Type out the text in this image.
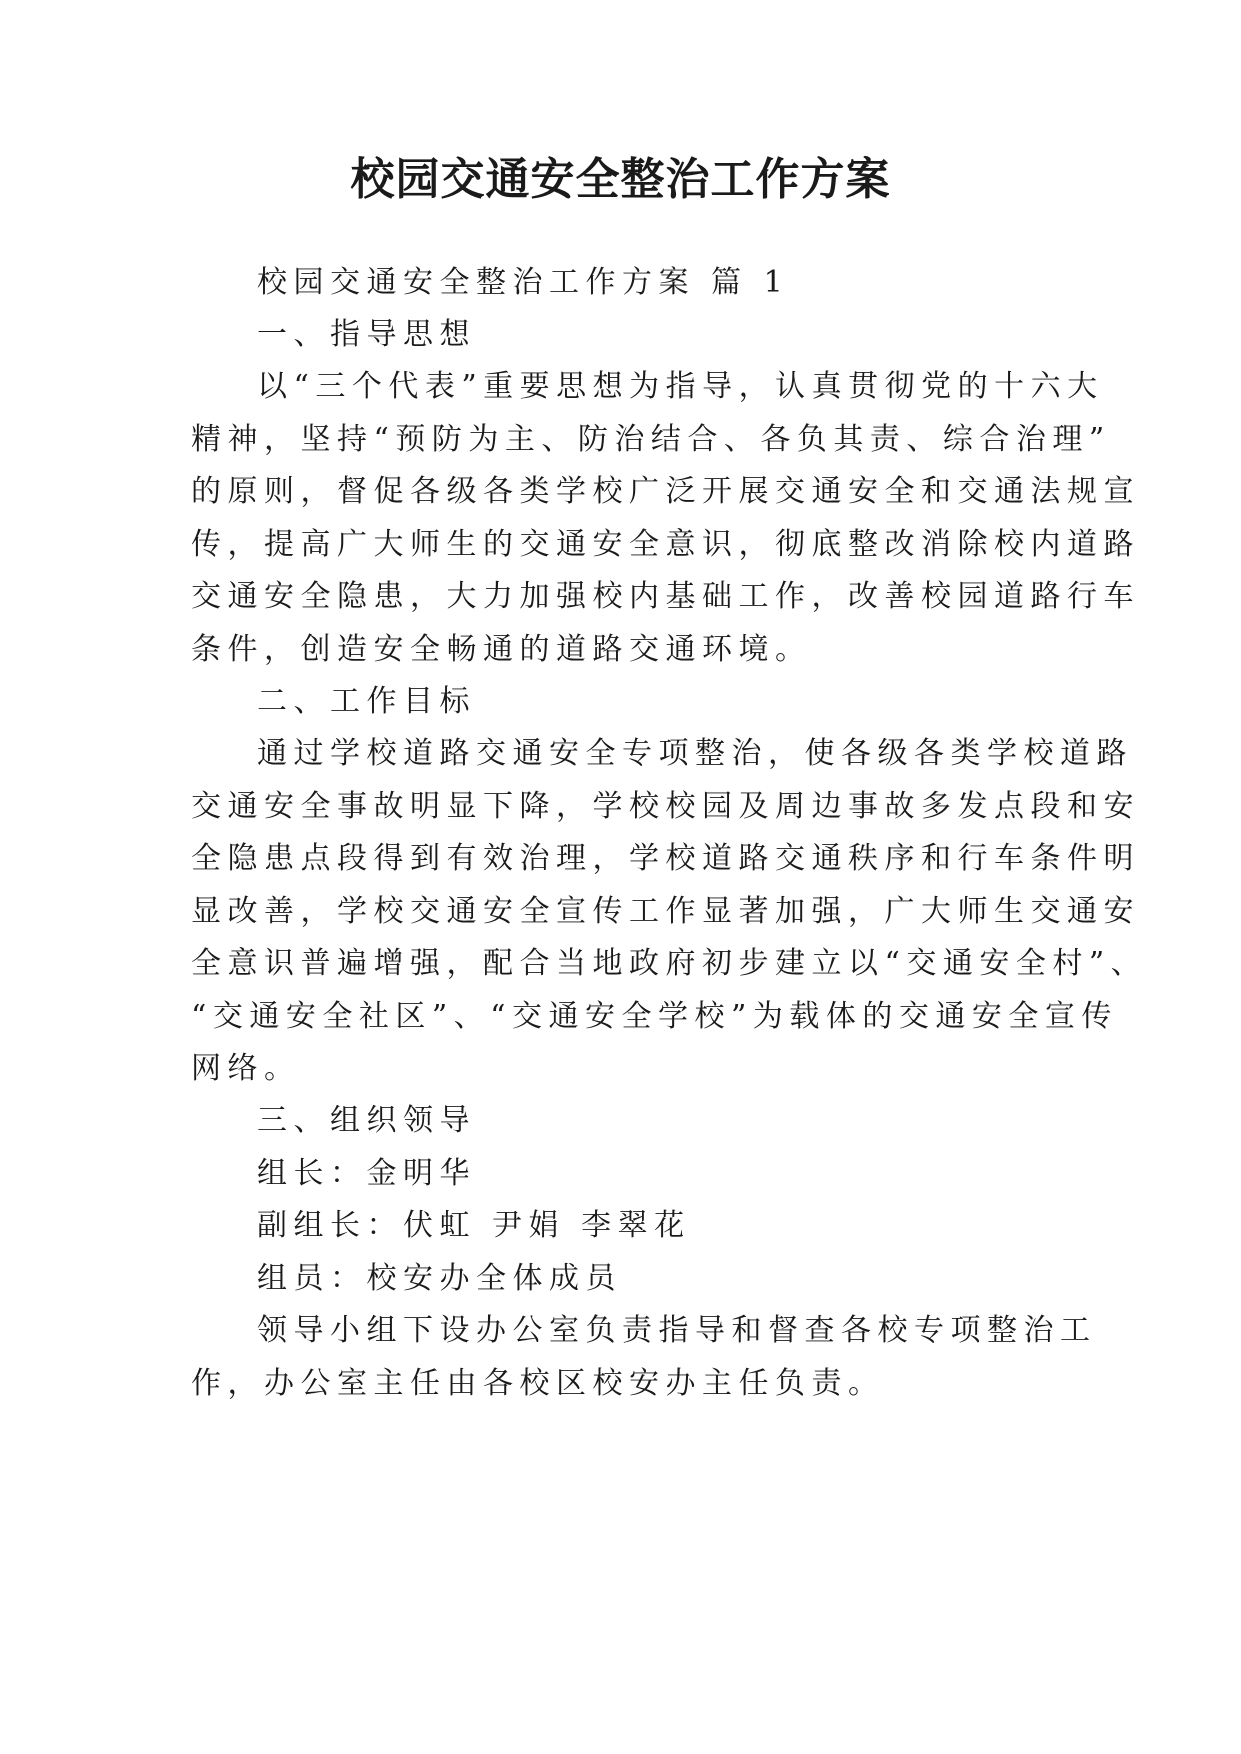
校园交通安全整治工作方案

校园交通安全整治工作方案 篇 1

一、指导思想

以“三个代表”重要思想为指导，认真贯彻党的十六大

精神，坚持“预防为主、防治结合、各负其责、综合治理”

的原则，督促各级各类学校广泛开展交通安全和交通法规宣

传，提高广大师生的交通安全意识，彻底整改消除校内道路

交通安全隐患，大力加强校内基础工作，改善校园道路行车

条件，创造安全畅通的道路交通环境。

二、工作目标

通过学校道路交通安全专项整治，使各级各类学校道路

交通安全事故明显下降，学校校园及周边事故多发点段和安

全隐患点段得到有效治理，学校道路交通秩序和行车条件明

显改善，学校交通安全宣传工作显著加强，广大师生交通安

全意识普遍增强，配合当地政府初步建立以“交通安全村”、

“交通安全社区”、“交通安全学校”为载体的交通安全宣传

网络。

三、组织领导

组长：金明华

副组长：伏虹 尹娟 李翠花

组员：校安办全体成员

领导小组下设办公室负责指导和督查各校专项整治工

作，办公室主任由各校区校安办主任负责。
